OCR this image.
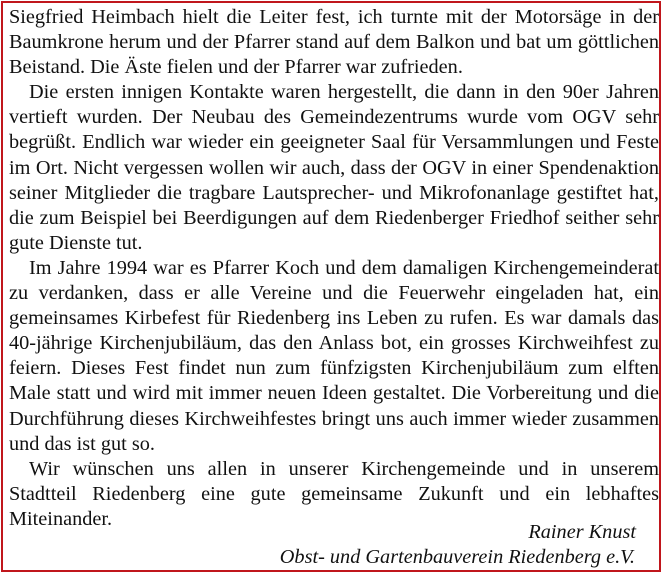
Siegfried Heimbach hielt die Leiter fest, ich turnte mit der Motorsäge in der Baumkrone herum und der Pfarrer stand auf dem Balkon und bat um göttlichen Beistand. Die Äste fielen und der Pfarrer war zufrieden.

Die ersten innigen Kontakte waren hergestellt, die dann in den 90er Jahren vertieft wurden. Der Neubau des Gemeindezentrums wurde vom OGV sehr begrüßt. Endlich war wieder ein geeigneter Saal für Versammlungen und Feste im Ort. Nicht vergessen wollen wir auch, dass der OGV in einer Spendenaktion seiner Mitglieder die tragbare Lautsprecher- und Mikrofonanlage gestiftet hat, die zum Beispiel bei Beerdigungen auf dem Riedenberger Friedhof seither sehr gute Dienste tut.

Im Jahre 1994 war es Pfarrer Koch und dem damaligen Kirchengemeinderat zu verdanken, dass er alle Vereine und die Feuerwehr eingeladen hat, ein gemeinsames Kirbefest für Riedenberg ins Leben zu rufen. Es war damals das 40-jährige Kirchenjubiläum, das den Anlass bot, ein grosses Kirchweihfest zu feiern. Dieses Fest findet nun zum fünfzigsten Kirchenjubiläum zum elften Male statt und wird mit immer neuen Ideen gestaltet. Die Vorbereitung und die Durchführung dieses Kirchweihfestes bringt uns auch immer wieder zusammen und das ist gut so.

Wir wünschen uns allen in unserer Kirchengemeinde und in unserem Stadtteil Riedenberg eine gute gemeinsame Zukunft und ein lebhaftes Miteinander.

Rainer Knust
Obst- und Gartenbauverein Riedenberg e.V.
